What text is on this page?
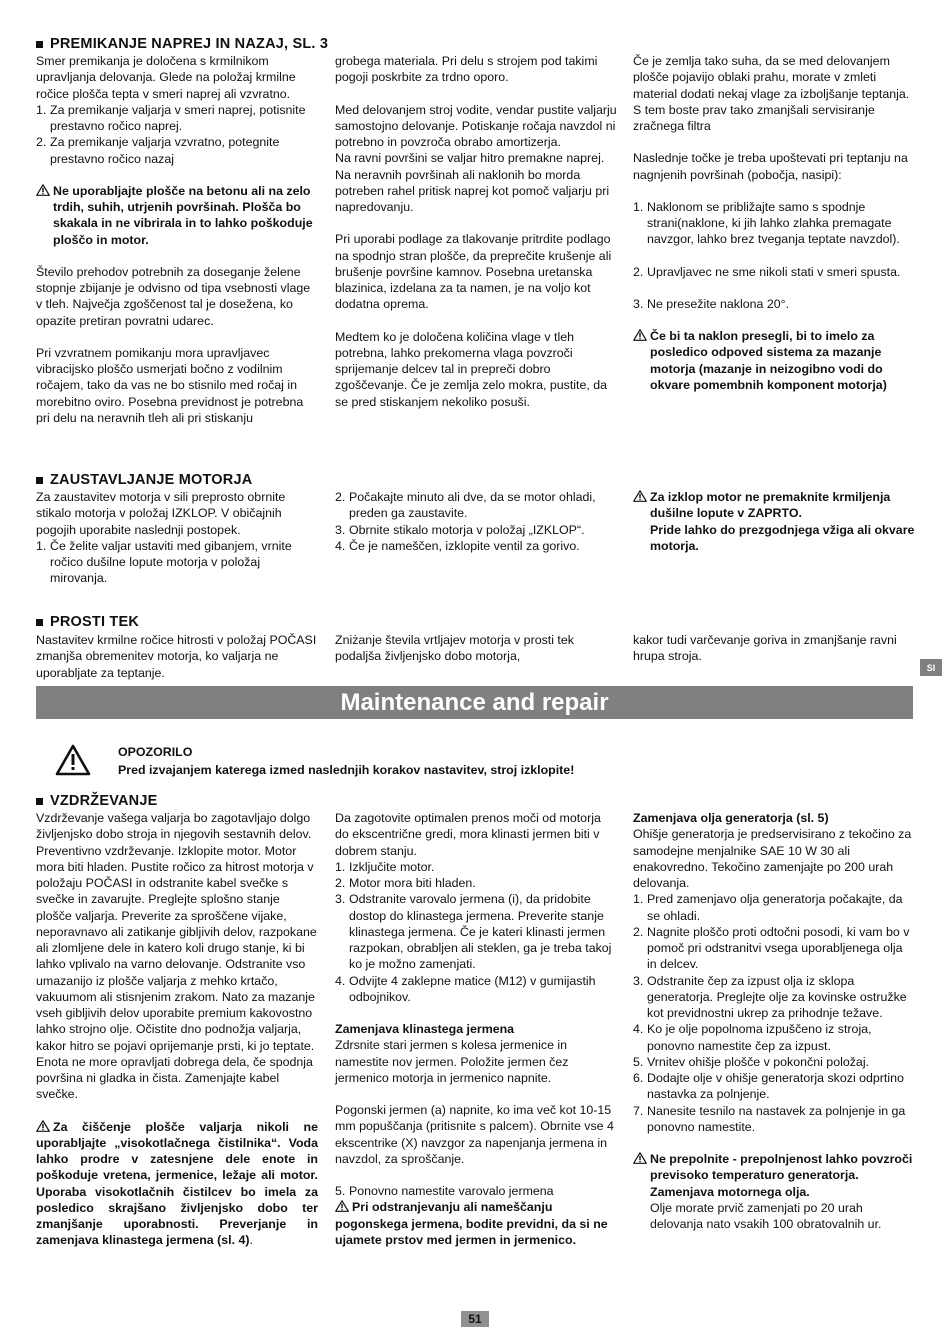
PREMIKANJE NAPREJ IN NAZAJ, SL. 3

Smer premikanja je določena s krmilnikom upravljanja delovanja. Glede na položaj krmilne ročice plošča tepta v smeri naprej ali vzvratno.

1. Za premikanje valjarja v smeri naprej, potisnite prestavno ročico naprej.
2. Za premikanje valjarja vzvratno, potegnite prestavno ročico nazaj
Ne uporabljajte plošče na betonu ali na zelo trdih, suhih, utrjenih površinah. Plošča bo skakala in ne vibrirala in to lahko poškoduje ploščo in motor.

Število prehodov potrebnih za doseganje želene stopnje zbijanje je odvisno od tipa vsebnosti vlage v tleh. Največja zgoščenost tal je dosežena, ko opazite pretiran povratni udarec.

Pri vzvratnem pomikanju mora upravljavec vibracijsko ploščo usmerjati bočno z vodilnim ročajem, tako da vas ne bo stisnilo med ročaj in morebitno oviro. Posebna previdnost je potrebna pri delu na neravnih tleh ali pri stiskanju

grobega materiala. Pri delu s strojem pod takimi pogoji poskrbite za trdno oporo.

Med delovanjem stroj vodite, vendar pustite valjarju samostojno delovanje. Potiskanje ročaja navzdol ni potrebno in povzroča obrabo amortizerja.

Na ravni površini se valjar hitro premakne naprej. Na neravnih površinah ali naklonih bo morda potreben rahel pritisk naprej kot pomoč valjarju pri napredovanju.

Pri uporabi podlage za tlakovanje pritrdite podlago na spodnjo stran plošče, da preprečite krušenje ali brušenje površine kamnov. Posebna uretanska blazinica, izdelana za ta namen, je na voljo kot dodatna oprema.

Medtem ko je določena količina vlage v tleh potrebna, lahko prekomerna vlaga povzroči sprijemanje delcev tal in prepreči dobro zgoščevanje. Če je zemlja zelo mokra, pustite, da se pred stiskanjem nekoliko posuši.

Če je zemlja tako suha, da se med delovanjem plošče pojavijo oblaki prahu, morate v zmleti material dodati nekaj vlage za izboljšanje teptanja. S tem boste prav tako zmanjšali servisiranje zračnega filtra

Naslednje točke je treba upoštevati pri teptanju na nagnjenih površinah (pobočja, nasipi):

1. Naklonom se približajte samo s spodnje strani(naklone, ki jih lahko zlahka premagate navzgor, lahko brez tveganja teptate navzdol).
2. Upravljavec ne sme nikoli stati v smeri spusta.
3. Ne presežite naklona 20°.
Če bi ta naklon presegli, bi to imelo za posledico odpoved sistema za mazanje motorja (mazanje in neizogibno vodi do okvare pomembnih komponent motorja)
ZAUSTAVLJANJE MOTORJA

Za zaustavitev motorja v sili preprosto obrnite stikalo motorja v položaj IZKLOP. V običajnih pogojih uporabite naslednji postopek.

1. Če želite valjar ustaviti med gibanjem, vrnite ročico dušilne lopute motorja v položaj mirovanja.
2. Počakajte minuto ali dve, da se motor ohladi, preden ga zaustavite.
3. Obrnite stikalo motorja v položaj „IZKLOP“.
4. Če je nameščen, izklopite ventil za gorivo.
Za izklop motor ne premaknite krmiljenja dušilne lopute v ZAPRTO.
Pride lahko do prezgodnjega vžiga ali okvare motorja.
PROSTI TEK

Nastavitev krmilne ročice hitrosti v položaj POČASI zmanjša obremenitev motorja, ko valjarja ne uporabljate za teptanje.

Zniżanje števila vrtljajev motorja v prosti tek podaljša življenjsko dobo motorja,

kakor tudi varčevanje goriva in zmanjšanje ravni hrupa stroja.

SI
Maintenance and repair
OPOZORILO
Pred izvajanjem katerega izmed naslednjih korakov nastavitev, stroj izklopite!
VZDRŽEVANJE

Vzdrževanje vašega valjarja bo zagotavljajo dolgo življenjsko dobo stroja in njegovih sestavnih delov. Preventivno vzdrževanje. Izklopite motor. Motor mora biti hladen. Pustite ročico za hitrost motorja v položaju POČASI in odstranite kabel svečke s svečke in zavarujte. Preglejte splošno stanje plošče valjarja. Preverite za sproščene vijake, neporavnavo ali zatikanje gibljivih delov, razpokane ali zlomljene dele in katero koli drugo stanje, ki bi lahko vplivalo na varno delovanje. Odstranite vso umazanijo iz plošče valjarja z mehko krtačo, vakuumom ali stisnjenim zrakom. Nato za mazanje vseh gibljivih delov uporabite premium kakovostno lahko strojno olje. Očistite dno podnožja valjarja, kakor hitro se pojavi oprijemanje prsti, ki jo teptate. Enota ne more opravljati dobrega dela, če spodnja površina ni gladka in čista. Zamenjajte kabel svečke.

Za čiščenje plošče valjarja nikoli ne uporabljajte „visokotlačnega čistilnika“. Voda lahko prodre v zatesnjene dele enote in poškoduje vretena, jermenice, ležaje ali motor. Uporaba visokotlačnih čistilcev bo imela za posledico skrajšano življenjsko dobo ter zmanjšanje uporabnosti. Preverjanje in zamenjava klinastega jermena (sl. 4).

Da zagotovite optimalen prenos moči od motorja do ekscentrične gredi, mora klinasti jermen biti v dobrem stanju.

1. Izključite motor.
2. Motor mora biti hladen.
3. Odstranite varovalo jermena (i), da pridobite dostop do klinastega jermena. Preverite stanje klinastega jermena. Če je kateri klinasti jermen razpokan, obrabljen ali steklen, ga je treba takoj ko je možno zamenjati.
4. Odvijte 4 zaklepne matice (M12) v gumijastih odbojnikov.

Zamenjava klinastega jermena

Zdrsnite stari jermen s kolesa jermenice in namestite nov jermen. Položite jermen čez jermenico motorja in jermenico napnite.

Pogonski jermen (a) napnite, ko ima več kot 10-15 mm popuščanja (pritisnite s palcem). Obrnite vse 4 ekscentrike (X) navzgor za napenjanja jermena in navzdol, za sproščanje.

5. Ponovno namestite varovalo jermena

Pri odstranjevanju ali nameščanju pogonskega jermena, bodite previdni, da si ne ujamete prstov med jermen in jermenico.

Zamenjava olja generatorja (sl. 5)

Ohišje generatorja je predservisirano z tekočino za samodejne menjalnike SAE 10 W 30 ali enakovredno. Tekočino zamenjajte po 200 urah delovanja.

1. Pred zamenjavo olja generatorja počakajte, da se ohladi.
2. Nagnite ploščo proti odtočni posodi, ki vam bo v pomoč pri odstranitvi vsega uporabljenega olja in delcev.
3. Odstranite čep za izpust olja iz sklopa generatorja. Preglejte olje za kovinske ostružke kot previdnostni ukrep za prihodnje težave.
4. Ko je olje popolnoma izpuščeno iz stroja, ponovno namestite čep za izpust.
5. Vrnitev ohišje plošče v pokončni položaj.
6. Dodajte olje v ohišje generatorja skozi odprtino nastavka za polnjenje.
7. Nanesite tesnilo na nastavek za polnjenje in ga ponovno namestite.
Ne prepolnite - prepolnjenost lahko povzroči previsoko temperaturo generatorja. Zamenjava motornega olja.
Olje morate prvič zamenjati po 20 urah delovanja nato vsakih 100 obratovalnih ur.
51
